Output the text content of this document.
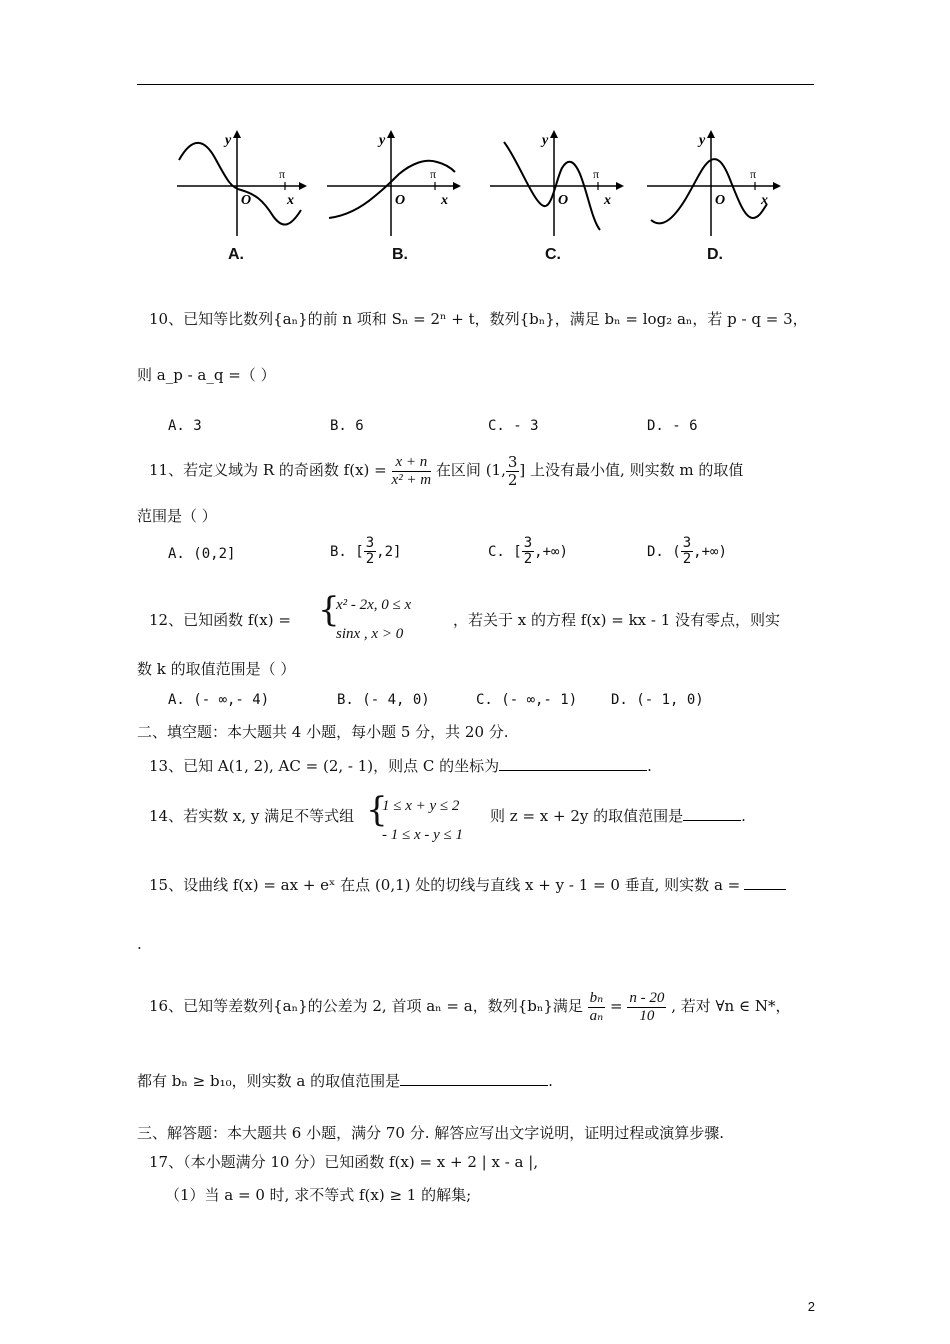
y
O	x
π
y
O	x
π
y
O	x
π
y
O	x
π
A.	B.	C.	D.
10、已知等比数列{aₙ}的前 n 项和 Sₙ = 2ⁿ + t，数列{bₙ}，满足 bₙ = log₂ aₙ，若 p - q = 3，
则 a_p - a_q =（ ）
A. 3	B. 6	C. - 3	D. - 6
11、若定义域为 R 的奇函数 $f(x) = \frac{x + n}{\text{x² + m}}$ 在区间 (1, $\frac{3}{2}$ ] 上没有最小值, 则实数 m 的取值
范围是（ ）
A. (0,2]	B. [ $\frac{3}{2} ,2$]	C. [ $\frac{3}{2}$ ,+∞)	D. ( $\frac{3}{2}$ ,+∞)
12、已知函数 f(x) = {
x² - 2x, 0 ≤ x
sinx , x > 0
，若关于 x 的方程 f(x) = kx - 1 没有零点，则实
数 k 的取值范围是（ ）
A. (- ∞,- 4)	B. (- 4, 0)	C. (- ∞,- 1) D. (- 1, 0)
二、填空题：本大题共 4 小题，每小题 5 分，共 20 分.
13、已知 A(1, 2), AC = (2, - 1)，则点 C 的坐标为	.
14、若实数 x, y 满足不等式组 {
1 ≤ x + y ≤ 2
- 1 ≤ x - y ≤ 1
则 z = x + 2y 的取值范围是	.
15、设曲线 f(x) = ax + eˣ 在点 (0,1) 处的切线与直线 x + y - 1 = 0 垂直, 则实数 a =
.
16、已知等差数列{aₙ}的公差为 2, 首项 aₙ = a，数列{bₙ}满足 $\frac{\text{bₙ}}{\text{aₙ}} = \frac{n - 20}{10}$ , 若对 ∀n ∈ N*，
都有 bₙ ≥ b₁₀，则实数 a 的取值范围是	.
三、解答题：本大题共 6 小题，满分 70 分. 解答应写出文字说明，证明过程或演算步骤.
17、（本小题满分 10 分）已知函数 f(x) = x + 2 | x - a |,
（1）当 a = 0 时, 求不等式 f(x) ≥ 1 的解集;
2
